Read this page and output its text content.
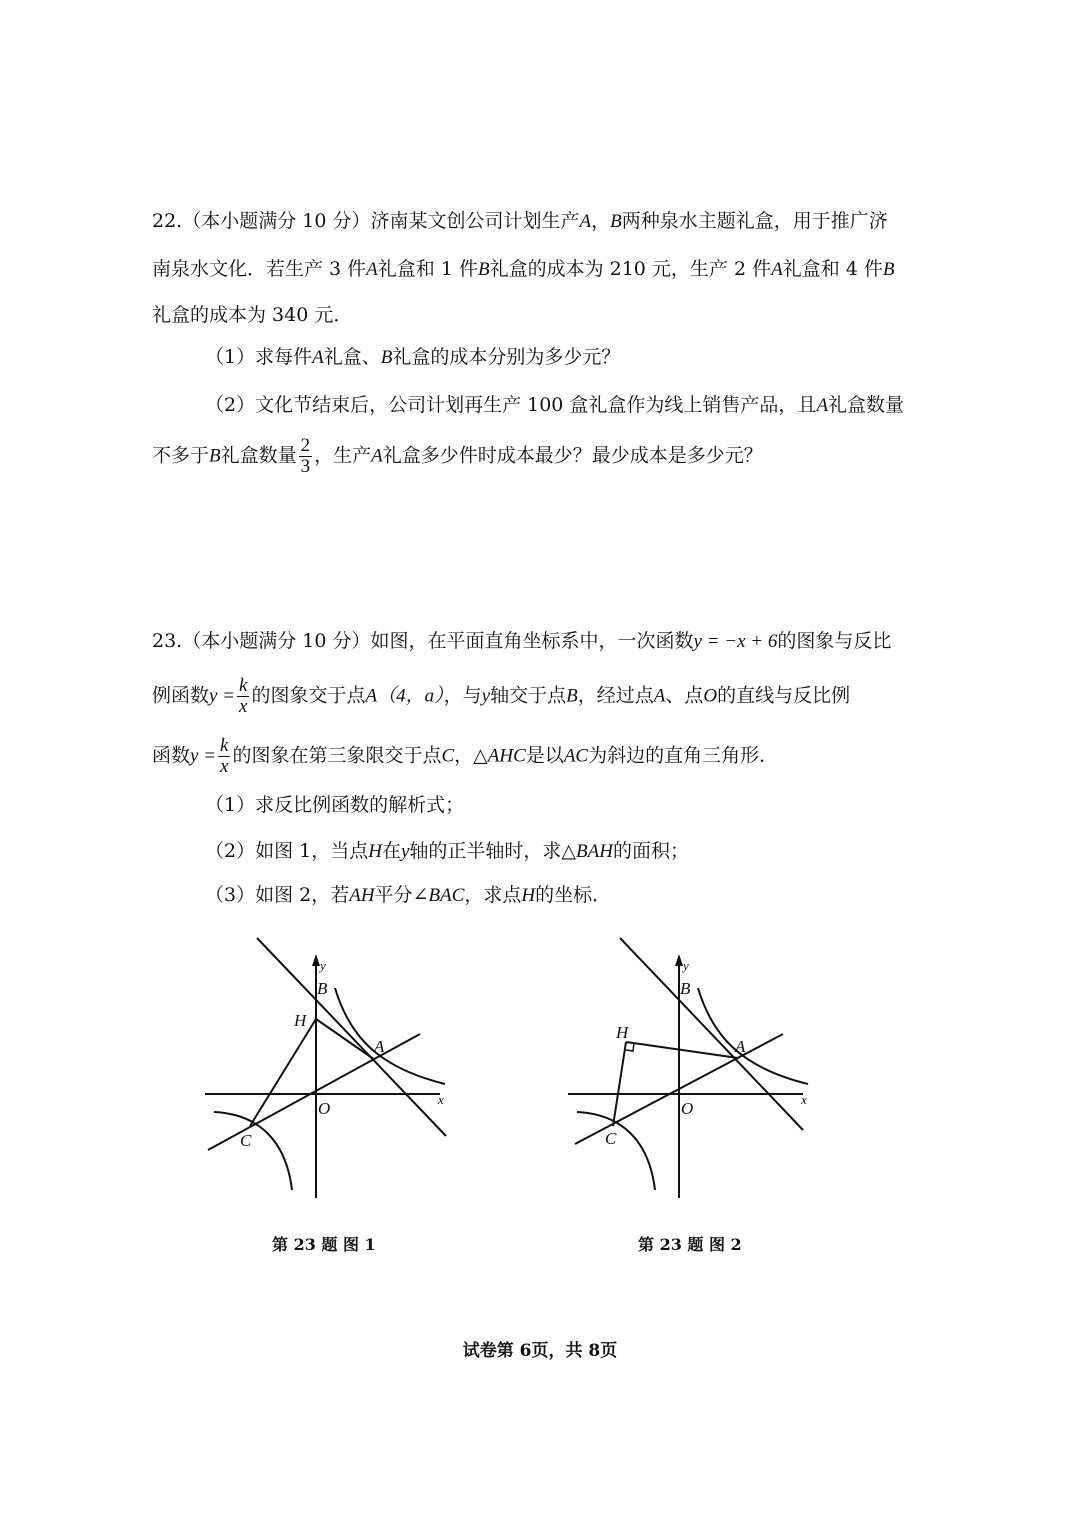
22.（本小题满分 10 分）济南某文创公司计划生产A，B两种泉水主题礼盒，用于推广济
南泉水文化．若生产 3 件A礼盒和 1 件B礼盒的成本为 210 元，生产 2 件A礼盒和 4 件B
礼盒的成本为 340 元．
（1）求每件A礼盒、B礼盒的成本分别为多少元？
（2）文化节结束后，公司计划再生产 100 盒礼盒作为线上销售产品，且A礼盒数量
不多于B礼盒数量 $\frac{2}{3}$ ，生产A礼盒多少件时成本最少？最少成本是多少元？
23.（本小题满分 10 分）如图，在平面直角坐标系中，一次函数y = −x + 6的图象与反比
例函数$y = \frac{k}{x}$ 的图象交于点A（4，a），与y轴交于点B，经过点A、点O的直线与反比例
函数$y = \frac{k}{x}$ 的图象在第三象限交于点C，△AHC是以AC为斜边的直角三角形．
（1）求反比例函数的解析式；
（2）如图 1，当点H在y轴的正半轴时，求△BAH的面积；
（3）如图 2，若AH平分∠BAC，求点H的坐标．
y
x
B
H
A
O
C
第 23 题 图 1
y
x
B
H
A
O
C
第 23 题 图 2
试卷第 6页，共 8页
